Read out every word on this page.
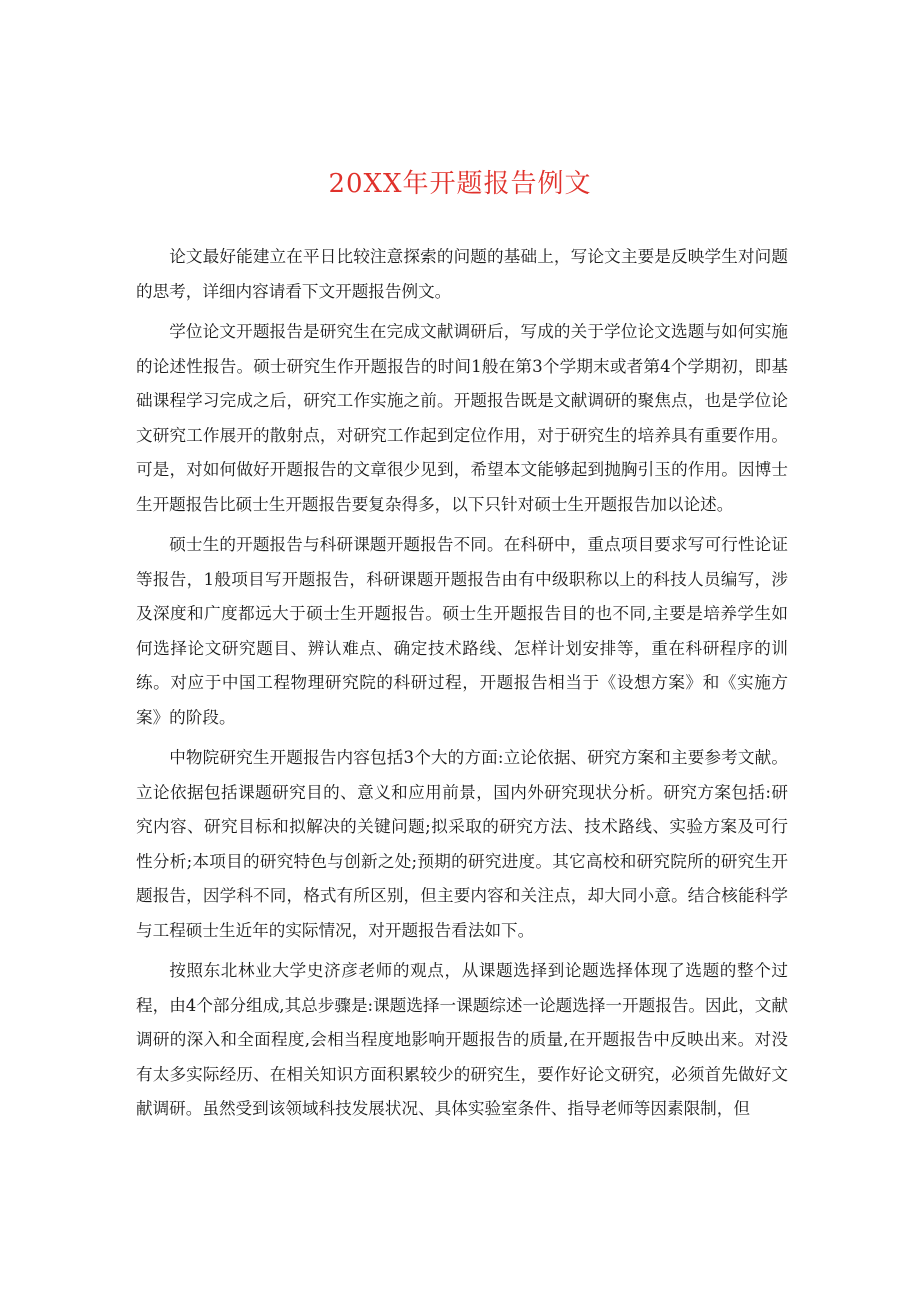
20XX年开题报告例文

论文最好能建立在平日比较注意探索的问题的基础上，写论文主要是反映学生对问题的思考，详细内容请看下文开题报告例文。

学位论文开题报告是研究生在完成文献调研后，写成的关于学位论文选题与如何实施的论述性报告。硕士研究生作开题报告的时间1般在第3个学期末或者第4个学期初，即基础课程学习完成之后，研究工作实施之前。开题报告既是文献调研的聚焦点，也是学位论文研究工作展开的散射点，对研究工作起到定位作用，对于研究生的培养具有重要作用。可是，对如何做好开题报告的文章很少见到，希望本文能够起到抛胸引玉的作用。因博士生开题报告比硕士生开题报告要复杂得多，以下只针对硕士生开题报告加以论述。

硕士生的开题报告与科研课题开题报告不同。在科研中，重点项目要求写可行性论证等报告，1般项目写开题报告，科研课题开题报告由有中级职称以上的科技人员编写，涉及深度和广度都远大于硕士生开题报告。硕士生开题报告目的也不同,主要是培养学生如何选择论文研究题目、辨认难点、确定技术路线、怎样计划安排等，重在科研程序的训练。对应于中国工程物理研究院的科研过程，开题报告相当于《设想方案》和《实施方案》的阶段。

中物院研究生开题报告内容包括3个大的方面:立论依据、研究方案和主要参考文献。立论依据包括课题研究目的、意义和应用前景，国内外研究现状分析。研究方案包括:研究内容、研究目标和拟解决的关键问题;拟采取的研究方法、技术路线、实验方案及可行性分析;本项目的研究特色与创新之处;预期的研究进度。其它高校和研究院所的研究生开题报告，因学科不同，格式有所区别，但主要内容和关注点，却大同小意。结合核能科学与工程硕士生近年的实际情况，对开题报告看法如下。

按照东北林业大学史济彦老师的观点，从课题选择到论题选择体现了选题的整个过程，由4个部分组成,其总步骤是:课题选择一课题综述一论题选择一开题报告。因此，文献调研的深入和全面程度,会相当程度地影响开题报告的质量,在开题报告中反映出来。对没有太多实际经历、在相关知识方面积累较少的研究生，要作好论文研究，必须首先做好文献调研。虽然受到该领域科技发展状况、具体实验室条件、指导老师等因素限制，但
